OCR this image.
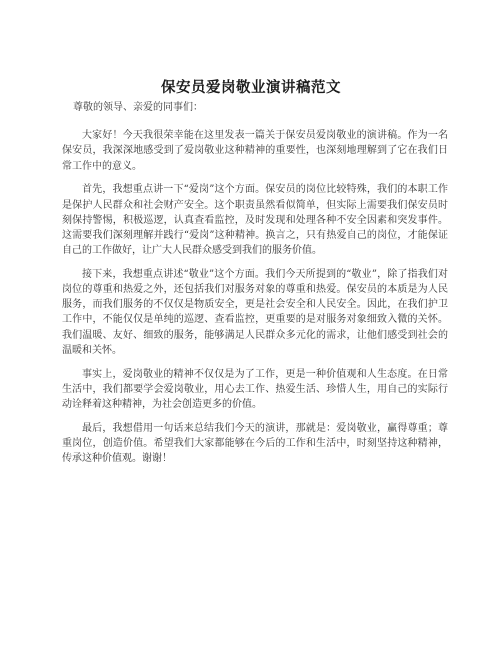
保安员爱岗敬业演讲稿范文

尊敬的领导、亲爱的同事们：

大家好！今天我很荣幸能在这里发表一篇关于保安员爱岗敬业的演讲稿。作为一名保安员，我深深地感受到了爱岗敬业这种精神的重要性，也深刻地理解到了它在我们日常工作中的意义。

首先，我想重点讲一下“爱岗”这个方面。保安员的岗位比较特殊，我们的本职工作是保护人民群众和社会财产安全。这个职责虽然看似简单，但实际上需要我们保安员时刻保持警惕，积极巡逻，认真查看监控，及时发现和处理各种不安全因素和突发事件。这需要我们深刻理解并践行“爱岗”这种精神。换言之，只有热爱自己的岗位，才能保证自己的工作做好，让广大人民群众感受到我们的服务价值。

接下来，我想重点讲述“敬业”这个方面。我们今天所提到的“敬业”，除了指我们对岗位的尊重和热爱之外，还包括我们对服务对象的尊重和热爱。保安员的本质是为人民服务，而我们服务的不仅仅是物质安全，更是社会安全和人民安全。因此，在我们护卫工作中，不能仅仅是单纯的巡逻、查看监控，更重要的是对服务对象细致入微的关怀。我们温暖、友好、细致的服务，能够满足人民群众多元化的需求，让他们感受到社会的温暖和关怀。

事实上，爱岗敬业的精神不仅仅是为了工作，更是一种价值观和人生态度。在日常生活中，我们都要学会爱岗敬业，用心去工作、热爱生活、珍惜人生，用自己的实际行动诠释着这种精神，为社会创造更多的价值。

最后，我想借用一句话来总结我们今天的演讲，那就是：爱岗敬业，赢得尊重；尊重岗位，创造价值。希望我们大家都能够在今后的工作和生活中，时刻坚持这种精神，传承这种价值观。谢谢！
